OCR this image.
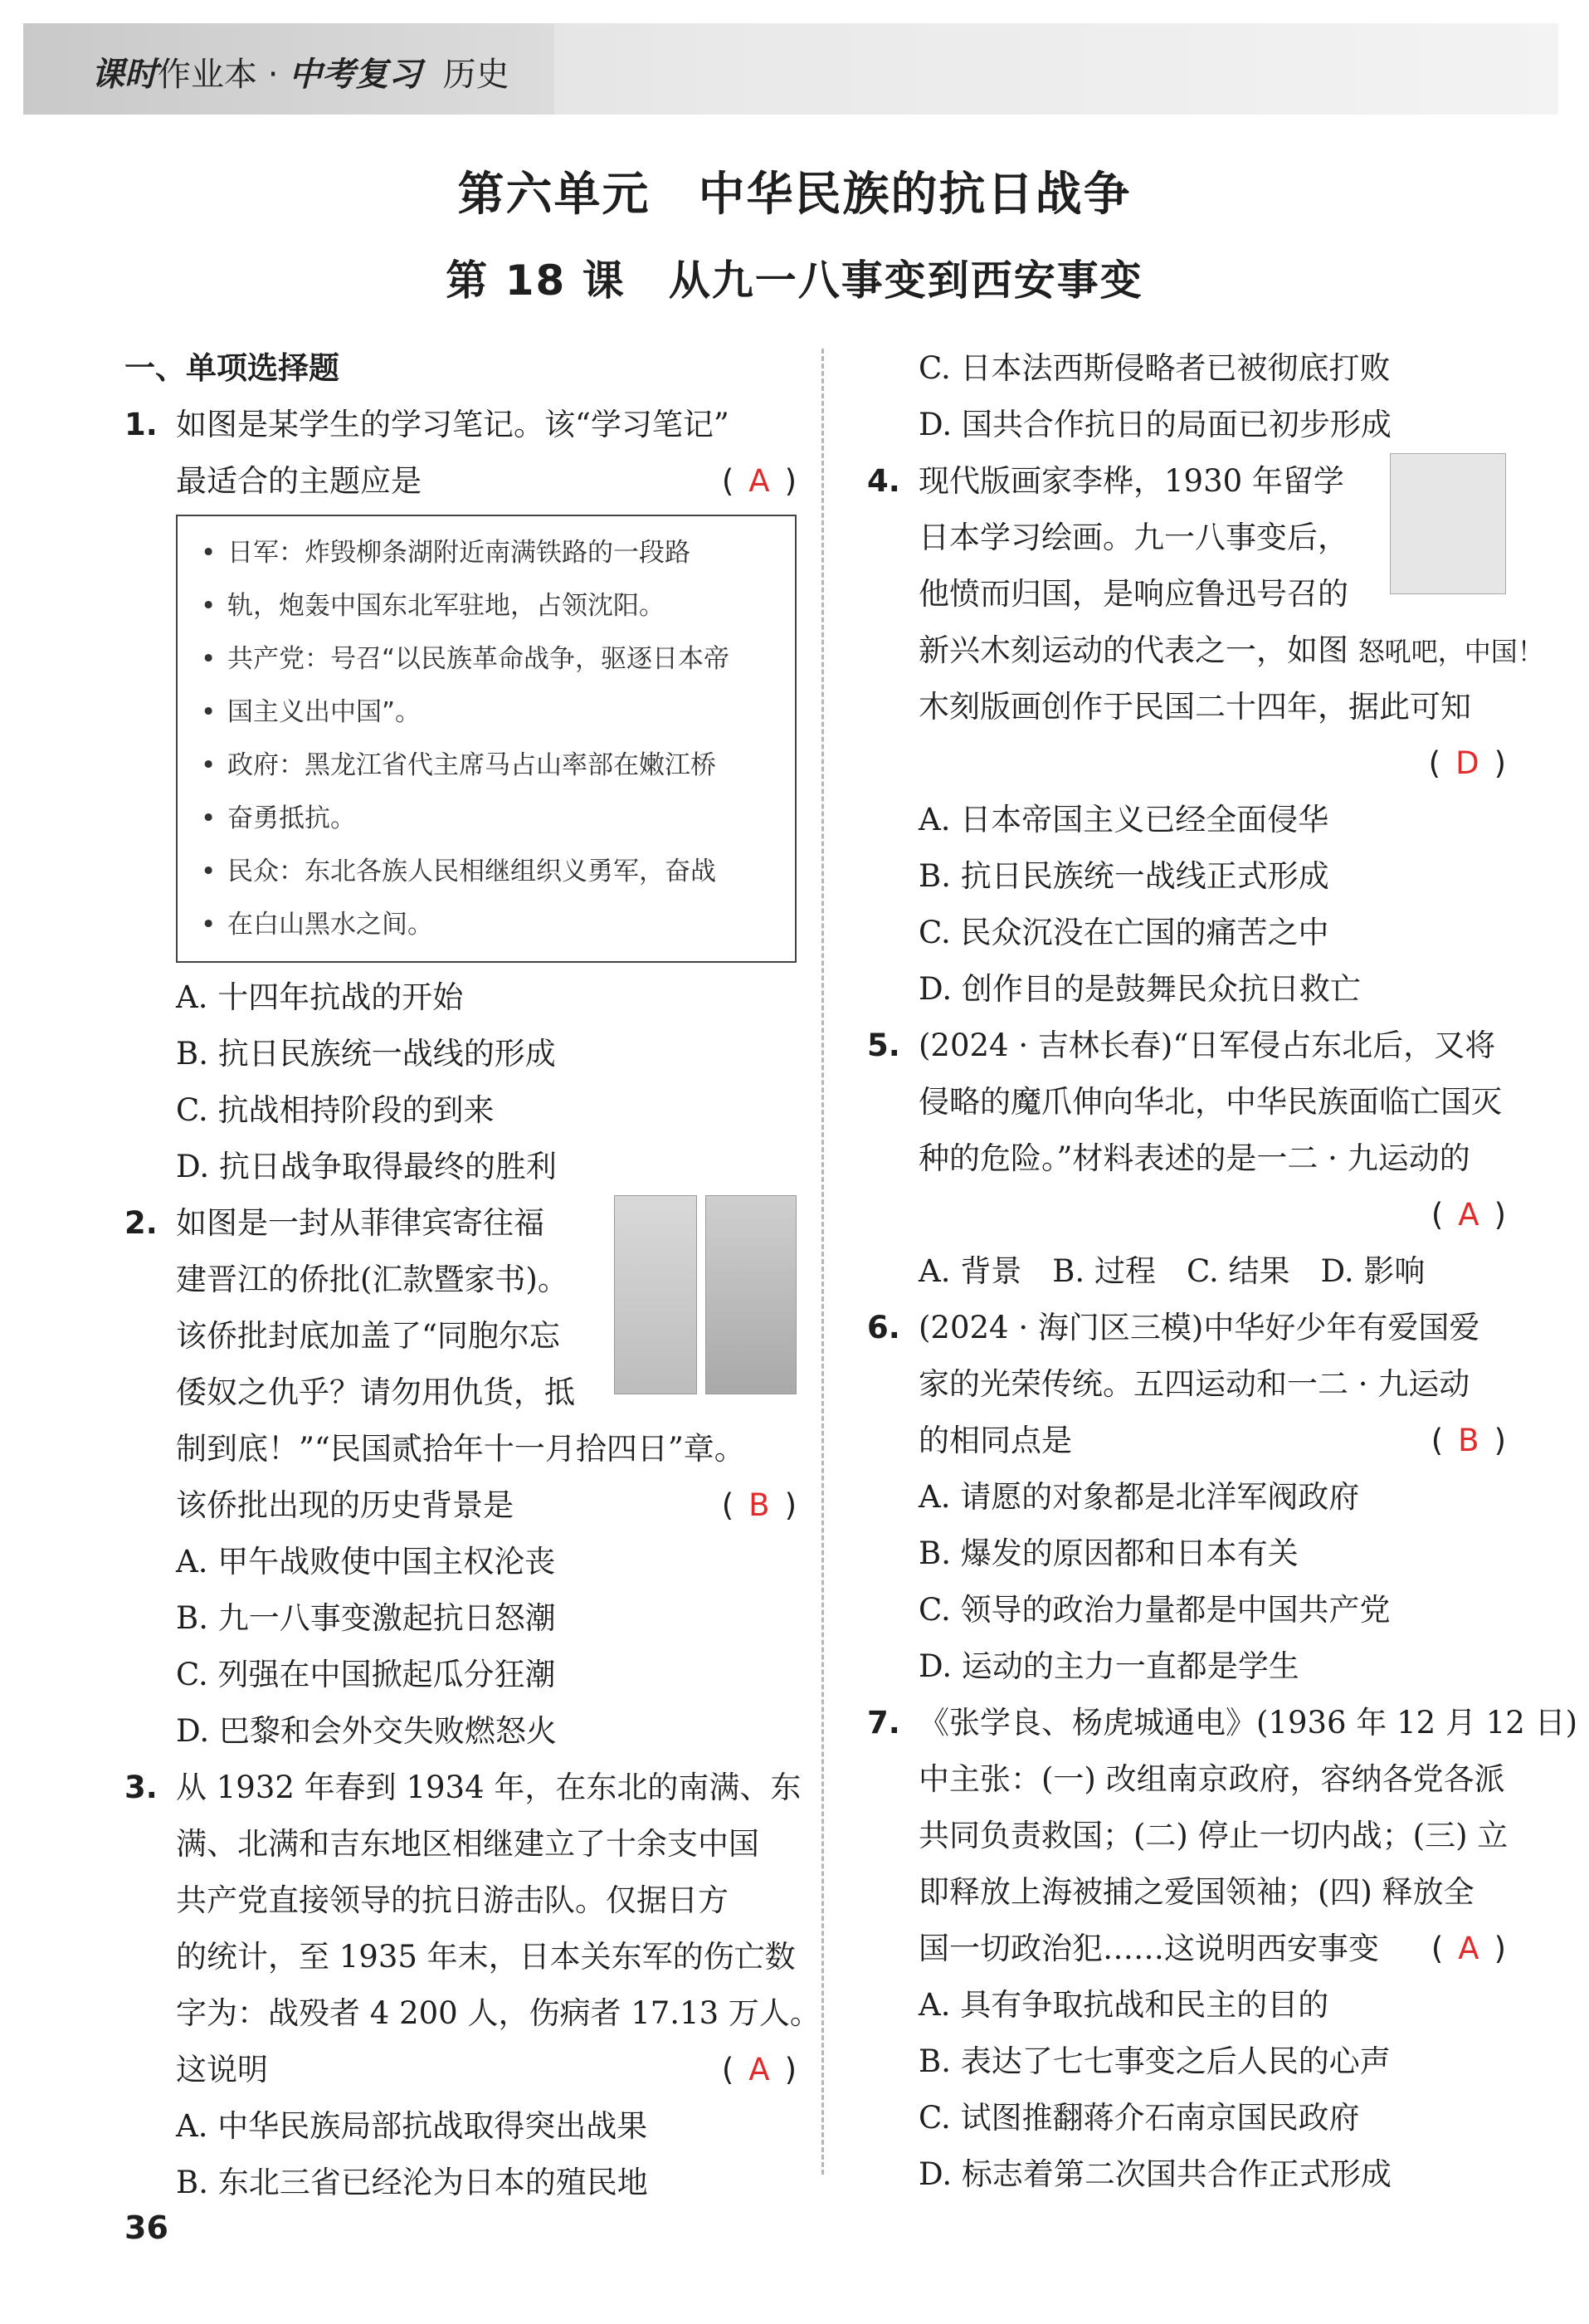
课时作业本 · 中考复习 历史
第六单元　中华民族的抗日战争
第 18 课　从九一八事变到西安事变
一、单项选择题
1. 如图是某学生的学习笔记。该“学习笔记”
最适合的主题应是	( A )
• 日军：炸毁柳条湖附近南满铁路的一段路
• 轨，炮轰中国东北军驻地，占领沈阳。
• 共产党：号召“以民族革命战争，驱逐日本帝
• 国主义出中国”。
• 政府：黑龙江省代主席马占山率部在嫩江桥
• 奋勇抵抗。
• 民众：东北各族人民相继组织义勇军，奋战
• 在白山黑水之间。
A. 十四年抗战的开始
B. 抗日民族统一战线的形成
C. 抗战相持阶段的到来
D. 抗日战争取得最终的胜利
2. 如图是一封从菲律宾寄往福
建晋江的侨批(汇款暨家书)。
该侨批封底加盖了“同胞尔忘
倭奴之仇乎？请勿用仇货，抵
制到底！”“民国贰拾年十一月拾四日”章。
该侨批出现的历史背景是	( B )
A. 甲午战败使中国主权沦丧
B. 九一八事变激起抗日怒潮
C. 列强在中国掀起瓜分狂潮
D. 巴黎和会外交失败燃怒火
3. 从 1932 年春到 1934 年，在东北的南满、东
满、北满和吉东地区相继建立了十余支中国
共产党直接领导的抗日游击队。仅据日方
的统计，至 1935 年末，日本关东军的伤亡数
字为：战殁者 4 200 人，伤病者 17.13 万人。
这说明	( A )
A. 中华民族局部抗战取得突出战果
B. 东北三省已经沦为日本的殖民地
C. 日本法西斯侵略者已被彻底打败
D. 国共合作抗日的局面已初步形成
4. 现代版画家李桦，1930 年留学
日本学习绘画。九一八事变后，
他愤而归国，是响应鲁迅号召的
新兴木刻运动的代表之一，如图 怒吼吧，中国！
木刻版画创作于民国二十四年，据此可知
( D )
A. 日本帝国主义已经全面侵华
B. 抗日民族统一战线正式形成
C. 民众沉没在亡国的痛苦之中
D. 创作目的是鼓舞民众抗日救亡
5. (2024 · 吉林长春)“日军侵占东北后，又将
侵略的魔爪伸向华北，中华民族面临亡国灭
种的危险。”材料表述的是一二 · 九运动的
( A )
A. 背景　B. 过程　C. 结果　D. 影响
6. (2024 · 海门区三模)中华好少年有爱国爱
家的光荣传统。五四运动和一二 · 九运动
的相同点是	( B )
A. 请愿的对象都是北洋军阀政府
B. 爆发的原因都和日本有关
C. 领导的政治力量都是中国共产党
D. 运动的主力一直都是学生
7. 《张学良、杨虎城通电》(1936 年 12 月 12 日)
中主张：(一) 改组南京政府，容纳各党各派
共同负责救国；(二) 停止一切内战；(三) 立
即释放上海被捕之爱国领袖；(四) 释放全
国一切政治犯……这说明西安事变 ( A )
A. 具有争取抗战和民主的目的
B. 表达了七七事变之后人民的心声
C. 试图推翻蒋介石南京国民政府
D. 标志着第二次国共合作正式形成
36
